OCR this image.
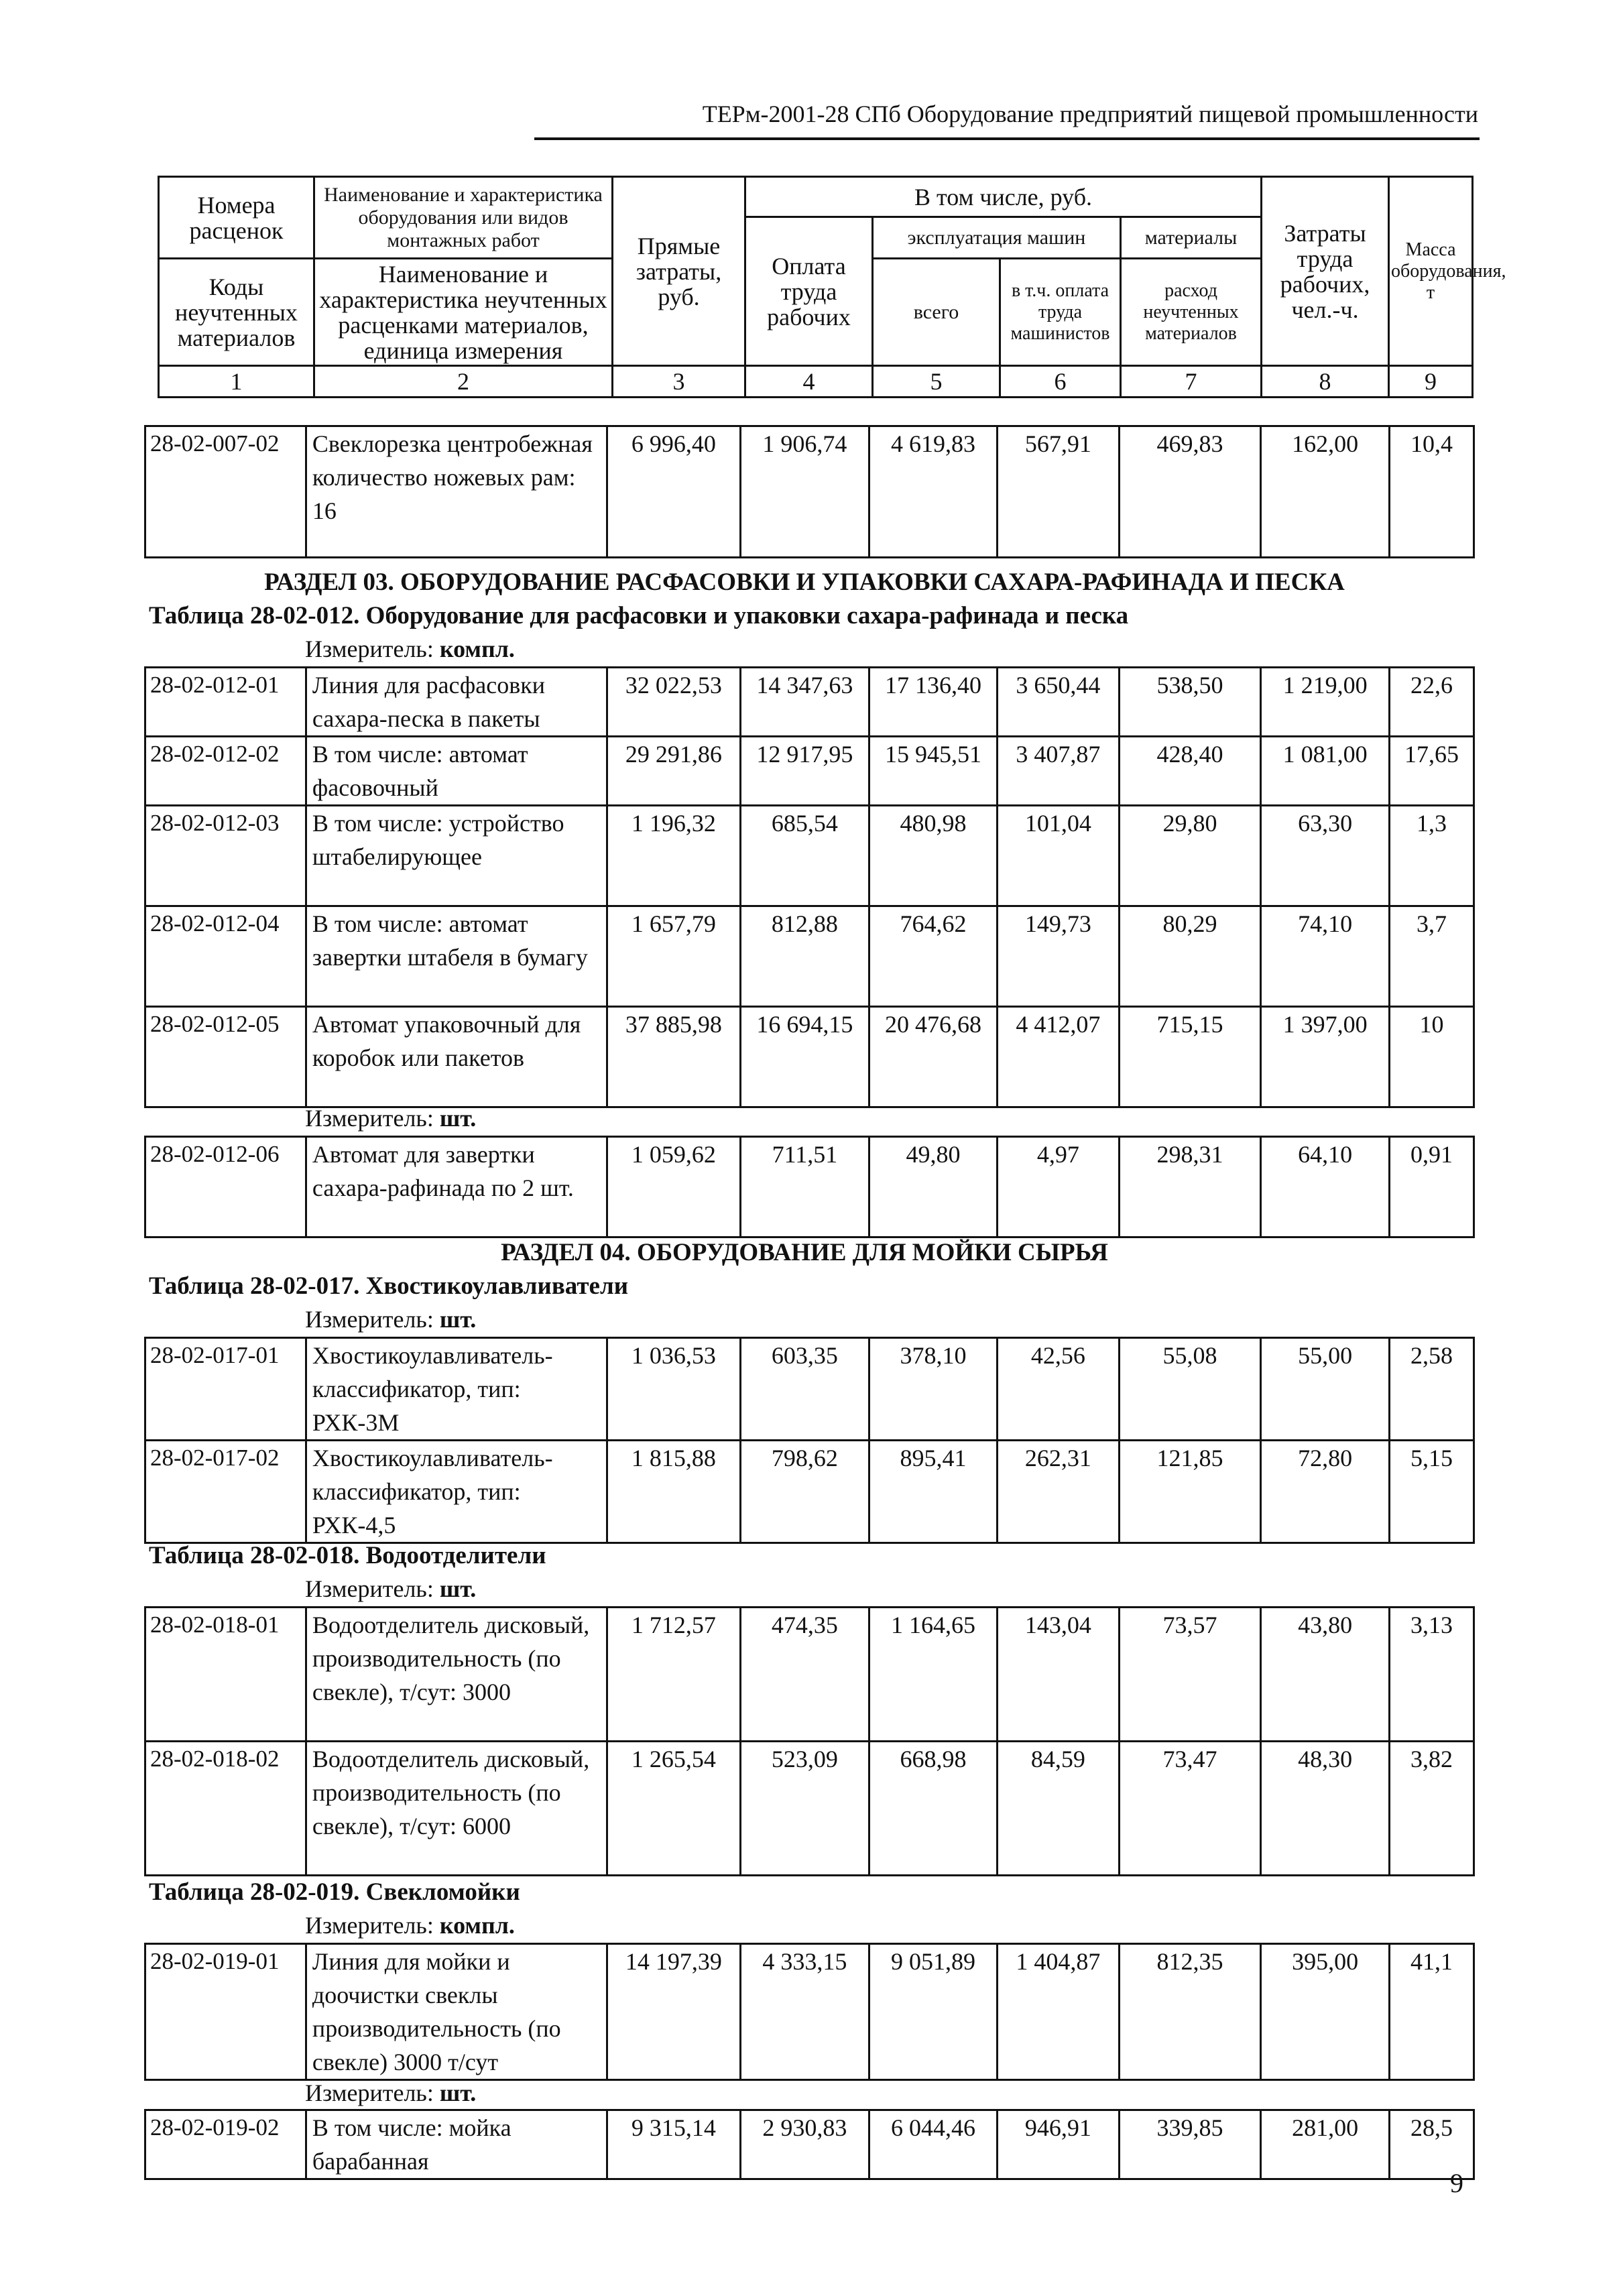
ТЕРм-2001-28 СПб Оборудование предприятий пищевой промышленности
Номера расценок	Наименование и характеристика оборудования или видов монтажных работ	Прямые затраты, руб.	В том числе, руб.				Затраты труда рабочих, чел.-ч.	Масса оборудования, т
			Оплата труда рабочих	эксплуатация машин		материалы		
Коды неучтенных материалов	Наименование и характеристика неучтенных расценками материалов, единица измерения			всего	в т.ч. оплата труда машинистов	расход неучтенных материалов		

1	2	3	4	5	6	7	8	9
28-02-007-02	Свеклорезка центробежная количество ножевых рам: 16	6 996,40	1 906,74	4 619,83	567,91	469,83	162,00	10,4
РАЗДЕЛ 03. ОБОРУДОВАНИЕ РАСФАСОВКИ И УПАКОВКИ САХАРА-РАФИНАДА И ПЕСКА
Таблица 28-02-012. Оборудование для расфасовки и упаковки сахара-рафинада и песка
Измеритель: компл.
28-02-012-01	Линия для расфасовки сахара-песка в пакеты	32 022,53	14 347,63	17 136,40	3 650,44	538,50	1 219,00	22,6
28-02-012-02	В том числе: автомат фасовочный	29 291,86	12 917,95	15 945,51	3 407,87	428,40	1 081,00	17,65
28-02-012-03	В том числе: устройство штабелирующее	1 196,32	685,54	480,98	101,04	29,80	63,30	1,3
28-02-012-04	В том числе: автомат завертки штабеля в бумагу	1 657,79	812,88	764,62	149,73	80,29	74,10	3,7
28-02-012-05	Автомат упаковочный для коробок или пакетов	37 885,98	16 694,15	20 476,68	4 412,07	715,15	1 397,00	10
Измеритель: шт.
28-02-012-06	Автомат для завертки сахара-рафинада по 2 шт.	1 059,62	711,51	49,80	4,97	298,31	64,10	0,91
РАЗДЕЛ 04. ОБОРУДОВАНИЕ ДЛЯ МОЙКИ СЫРЬЯ
Таблица 28-02-017. Хвостикоулавливатели
Измеритель: шт.
28-02-017-01	Хвостикоулавливатель-классификатор, тип: РХК-3М	1 036,53	603,35	378,10	42,56	55,08	55,00	2,58
28-02-017-02	Хвостикоулавливатель-классификатор, тип: РХК-4,5	1 815,88	798,62	895,41	262,31	121,85	72,80	5,15
Таблица 28-02-018. Водоотделители
Измеритель: шт.
28-02-018-01	Водоотделитель дисковый, производительность (по свекле), т/сут: 3000	1 712,57	474,35	1 164,65	143,04	73,57	43,80	3,13
28-02-018-02	Водоотделитель дисковый, производительность (по свекле), т/сут: 6000	1 265,54	523,09	668,98	84,59	73,47	48,30	3,82
Таблица 28-02-019. Свекломойки
Измеритель: компл.
28-02-019-01	Линия для мойки и доочистки свеклы производительность (по свекле) 3000 т/сут	14 197,39	4 333,15	9 051,89	1 404,87	812,35	395,00	41,1
Измеритель: шт.
28-02-019-02	В том числе: мойка барабанная	9 315,14	2 930,83	6 044,46	946,91	339,85	281,00	28,5
9
